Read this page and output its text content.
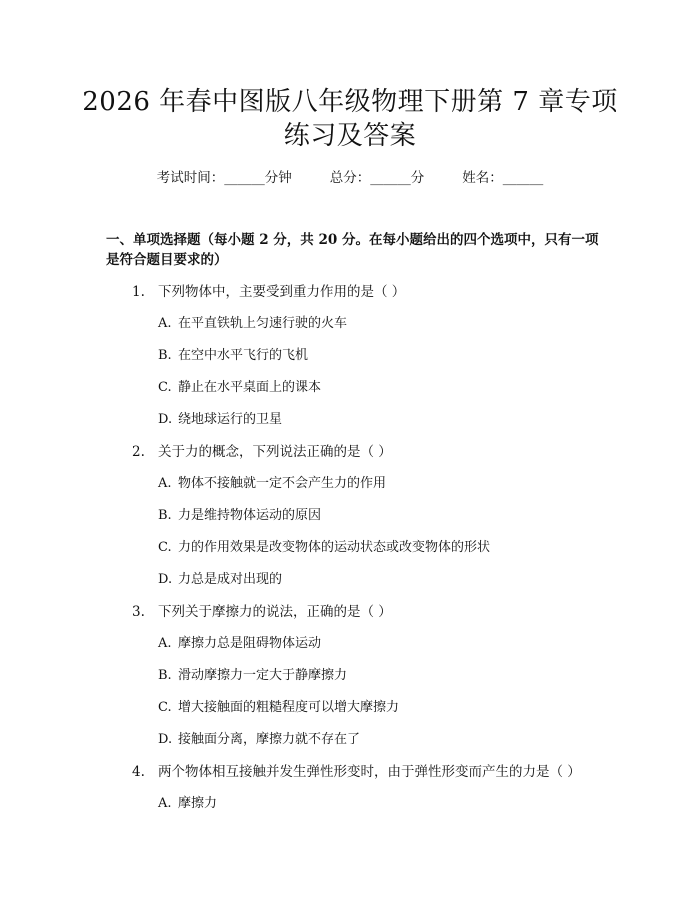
2026 年春中图版八年级物理下册第 7 章专项
练习及答案
考试时间：______分钟	总分：______分	姓名：______
一、单项选择题（每小题 2 分，共 20 分。在每小题给出的四个选项中，只有一项是符合题目要求的）
1. 下列物体中，主要受到重力作用的是（ ）
A. 在平直铁轨上匀速行驶的火车
B. 在空中水平飞行的飞机
C. 静止在水平桌面上的课本
D. 绕地球运行的卫星
2. 关于力的概念，下列说法正确的是（ ）
A. 物体不接触就一定不会产生力的作用
B. 力是维持物体运动的原因
C. 力的作用效果是改变物体的运动状态或改变物体的形状
D. 力总是成对出现的
3. 下列关于摩擦力的说法，正确的是（ ）
A. 摩擦力总是阻碍物体运动
B. 滑动摩擦力一定大于静摩擦力
C. 增大接触面的粗糙程度可以增大摩擦力
D. 接触面分离，摩擦力就不存在了
4. 两个物体相互接触并发生弹性形变时，由于弹性形变而产生的力是（ ）
A. 摩擦力
